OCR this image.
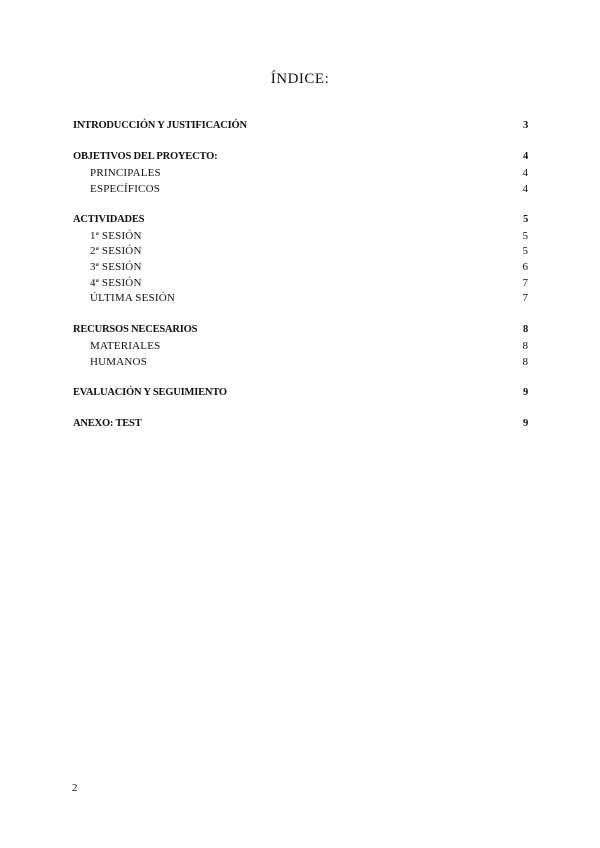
ÍNDICE:
INTRODUCCIÓN Y JUSTIFICACIÓN	3
OBJETIVOS DEL PROYECTO:	4
PRINCIPALES	4
ESPECÍFICOS	4
ACTIVIDADES	5
1ª SESIÓN	5
2ª SESIÓN	5
3ª SESIÓN	6
4ª SESIÓN	7
ÚLTIMA SESIÓN	7
RECURSOS NECESARIOS	8
MATERIALES	8
HUMANOS	8
EVALUACIÓN Y SEGUIMIENTO	9
ANEXO: TEST	9
2
